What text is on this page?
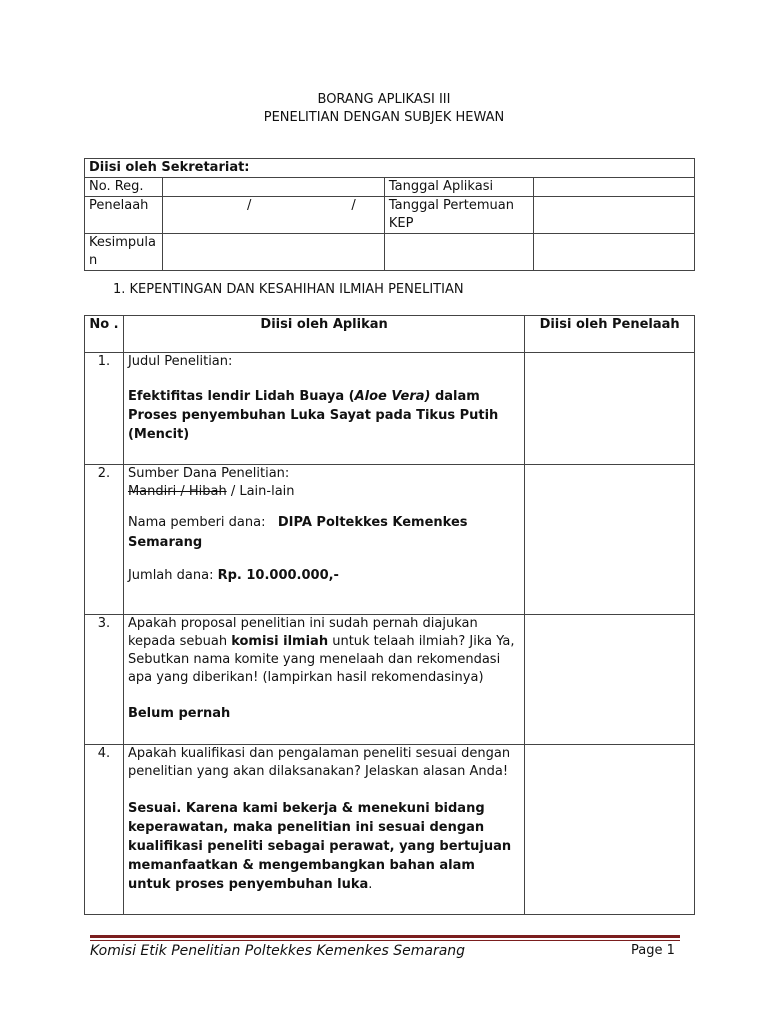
BORANG APLIKASI III
PENELITIAN DENGAN SUBJEK HEWAN
Diisi oleh Sekretariat:			
No. Reg.		Tanggal Aplikasi	
Penelaah	/ /	Tanggal Pertemuan KEP	
Kesimpulan			
1. KEPENTINGAN DAN KESAHIHAN ILMIAH PENELITIAN
No .	Diisi oleh Aplikan	Diisi oleh Penelaah
1.	Judul Penelitian:
Efektifitas lendir Lidah Buaya (Aloe Vera) dalam Proses penyembuhan Luka Sayat pada Tikus Putih (Mencit)	

2.	Sumber Dana Penelitian:
Mandiri / Hibah / Lain-lain
Nama pemberi dana: DIPA Poltekkes Kemenkes Semarang
Jumlah dana: Rp. 10.000.000,-	

3.	Apakah proposal penelitian ini sudah pernah diajukan kepada sebuah komisi ilmiah untuk telaah ilmiah? Jika Ya, Sebutkan nama komite yang menelaah dan rekomendasi apa yang diberikan! (lampirkan hasil rekomendasinya)
Belum pernah	

4.	Apakah kualifikasi dan pengalaman peneliti sesuai dengan penelitian yang akan dilaksanakan? Jelaskan alasan Anda!
Sesuai. Karena kami bekerja & menekuni bidang keperawatan, maka penelitian ini sesuai dengan kualifikasi peneliti sebagai perawat, yang bertujuan memanfaatkan & mengembangkan bahan alam untuk proses penyembuhan luka.	

Komisi Etik Penelitian Poltekkes Kemenkes Semarang	Page 1
